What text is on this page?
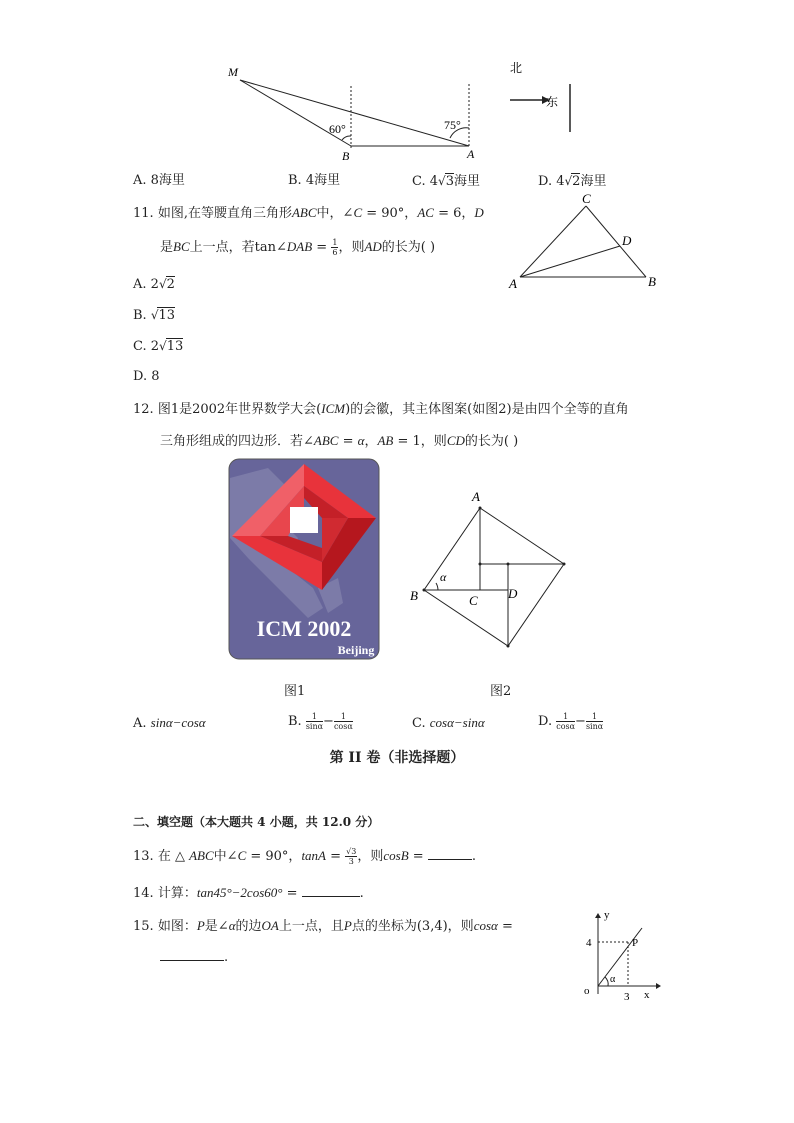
北
东
M
B	A
60°	75°
A. 8海里	B. 4海里	C. 4√3海里	D. 4√2海里
11. 如图,在等腰直角三角形ABC中，∠C = 90°，AC = 6，D
是BC上一点，若tan∠DAB = $\frac{1}{6}$ ，则AD的长为( )
C
D
A	B
A. 2√2
B. √13
C. 2√13
D. 8
12. 图1是2002年世界数学大会(ICM)的会徽，其主体图案(如图2)是由四个全等的直角
三角形组成的四边形．若∠ABC = α，AB = 1，则CD的长为( )
ICM 2002
Beijing
A
B	C D
α
图1	图2
A. sinα−cosα	B. $\frac{1}{\sin\alpha} - \frac{1}{\cos\alpha}$	C. cosα−sinα	D. $\frac{1}{\cos\alpha} - \frac{1}{\sin\alpha}$
第 II 卷（非选择题）
二、填空题（本大题共 4 小题，共 12.0 分）
13. 在 △ ABC中∠C = 90°，$\tan A = \frac{√3}{3}$ ，则cosB =	.
14. 计算：tan45°−2cos60° =	.
15. 如图：P是∠α的边OA上一点，且P点的坐标为(3,4)，则cosα =
.
y
x
o
4
3
P
α
